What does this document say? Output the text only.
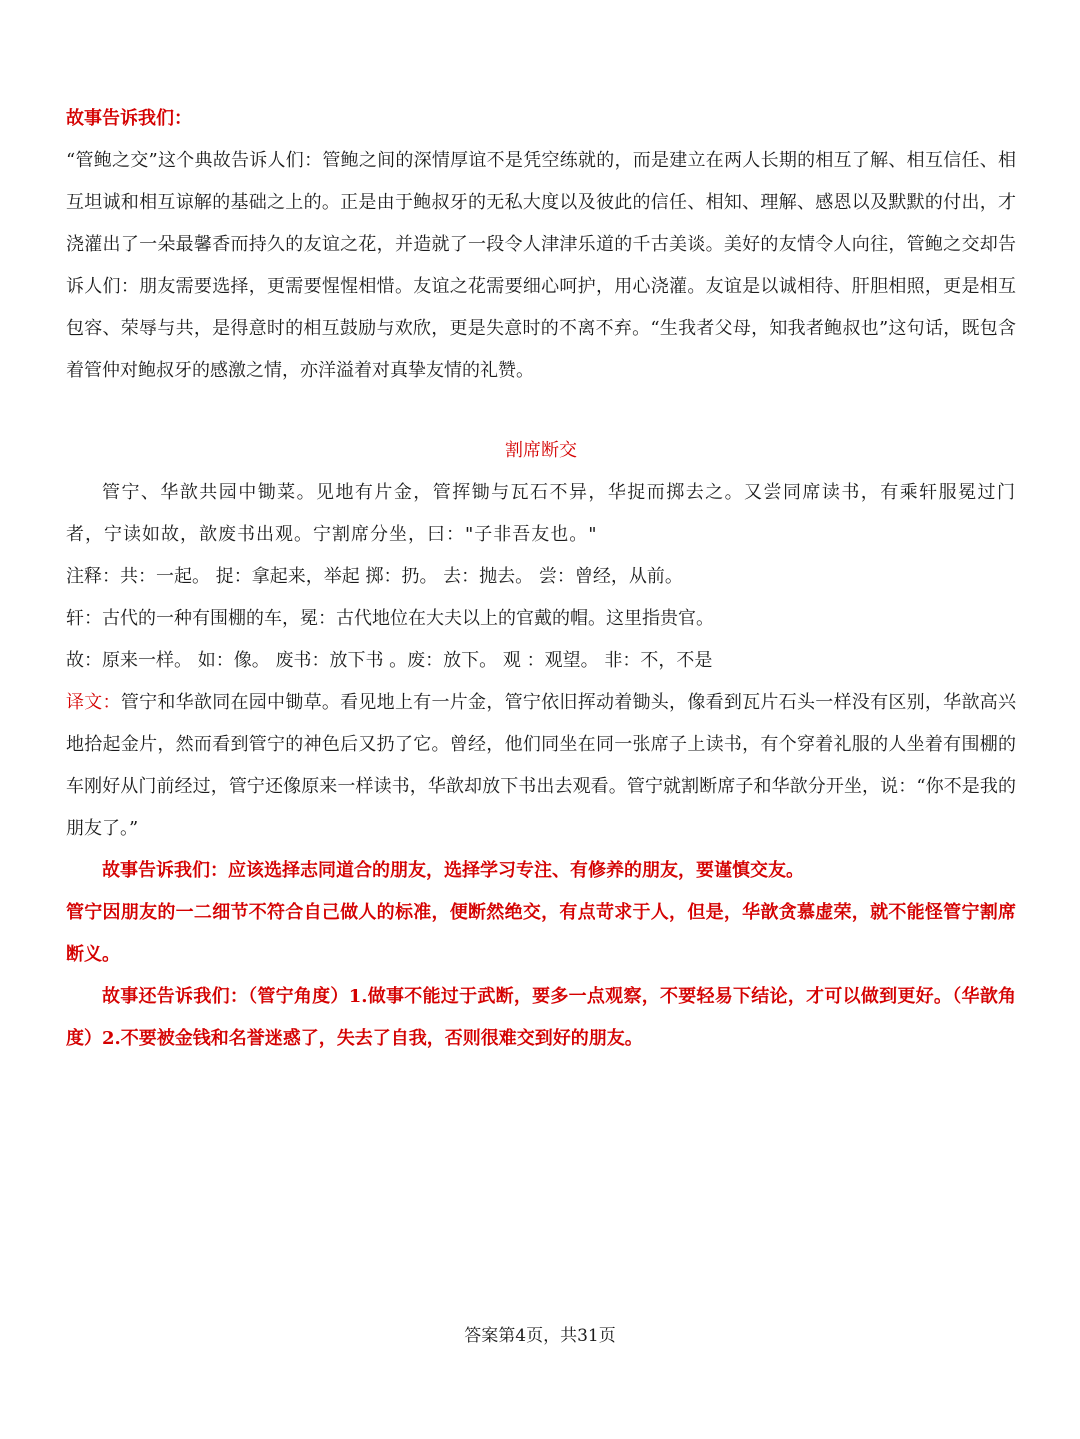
故事告诉我们：

“管鲍之交”这个典故告诉人们：管鲍之间的深情厚谊不是凭空练就的，而是建立在两人长期的相互了解、相互信任、相互坦诚和相互谅解的基础之上的。正是由于鲍叔牙的无私大度以及彼此的信任、相知、理解、感恩以及默默的付出，才浇灌出了一朵最馨香而持久的友谊之花，并造就了一段令人津津乐道的千古美谈。美好的友情令人向往，管鲍之交却告诉人们：朋友需要选择，更需要惺惺相惜。友谊之花需要细心呵护，用心浇灌。友谊是以诚相待、肝胆相照，更是相互包容、荣辱与共，是得意时的相互鼓励与欢欣，更是失意时的不离不弃。“生我者父母，知我者鲍叔也”这句话，既包含着管仲对鲍叔牙的感激之情，亦洋溢着对真挚友情的礼赞。

割席断交

管宁、华歆共园中锄菜。见地有片金，管挥锄与瓦石不异，华捉而掷去之。又尝同席读书，有乘轩服冕过门者，宁读如故，歆废书出观。宁割席分坐，曰："子非吾友也。"

注释：共：一起。 捉：拿起来，举起 掷：扔。 去：抛去。 尝：曾经，从前。

轩：古代的一种有围棚的车，冕：古代地位在大夫以上的官戴的帽。这里指贵官。

故：原来一样。 如：像。 废书：放下书 。废：放下。 观 ：观望。 非：不，不是

译文：管宁和华歆同在园中锄草。看见地上有一片金，管宁依旧挥动着锄头，像看到瓦片石头一样没有区别，华歆高兴地拾起金片，然而看到管宁的神色后又扔了它。曾经，他们同坐在同一张席子上读书，有个穿着礼服的人坐着有围棚的车刚好从门前经过，管宁还像原来一样读书，华歆却放下书出去观看。管宁就割断席子和华歆分开坐，说：“你不是我的朋友了。”

故事告诉我们：应该选择志同道合的朋友，选择学习专注、有修养的朋友，要谨慎交友。

管宁因朋友的一二细节不符合自己做人的标准，便断然绝交，有点苛求于人，但是，华歆贪慕虚荣，就不能怪管宁割席断义。

故事还告诉我们：（管宁角度）1.做事不能过于武断，要多一点观察，不要轻易下结论，才可以做到更好。（华歆角度）2.不要被金钱和名誉迷惑了，失去了自我，否则很难交到好的朋友。

答案第4页，共31页
